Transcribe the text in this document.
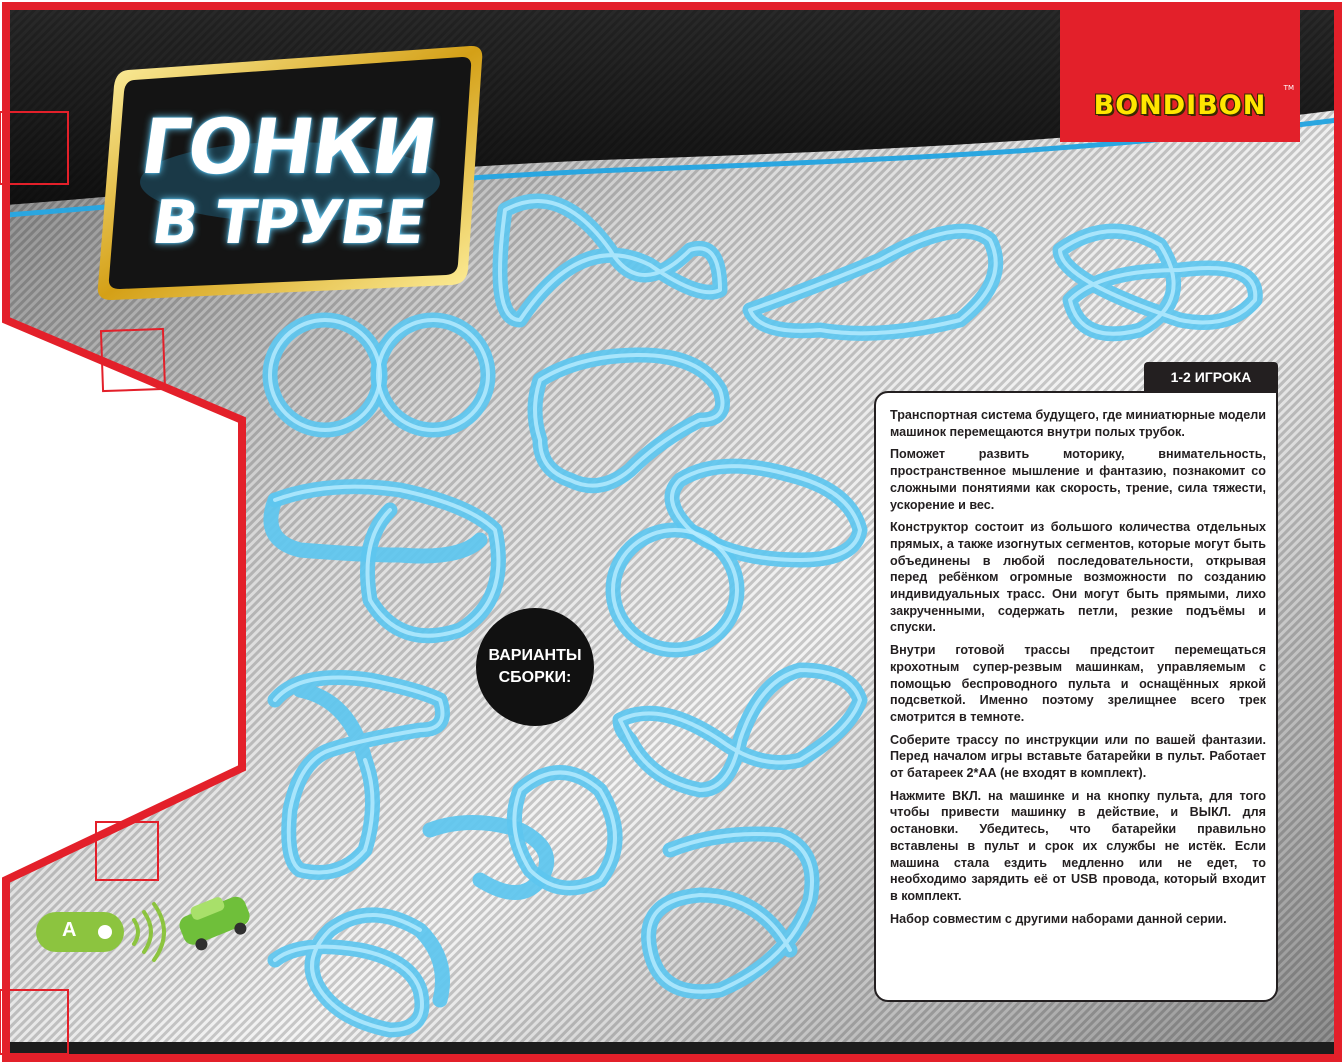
ГОНКИ
В ТРУБЕ
BONDIBON
TM
1-2 ИГРОКА

Транспортная система будущего, где миниатюрные модели машинок перемещаются внутри полых трубок.

Поможет развить моторику, внимательность, пространственное мышление и фантазию, познакомит со сложными понятиями как скорость, трение, сила тяжести, ускорение и вес.

Конструктор состоит из большого количества отдельных прямых, а также изогнутых сегментов, которые могут быть объединены в любой последовательности, открывая перед ребёнком огромные возможности по созданию индивидуальных трасс. Они могут быть прямыми, лихо закрученными, содержать петли, резкие подъёмы и спуски.

Внутри готовой трассы предстоит перемещаться крохотным супер-резвым машинкам, управляемым с помощью беспроводного пульта и оснащённых яркой подсветкой. Именно поэтому зрелищнее всего трек смотрится в темноте.

Соберите трассу по инструкции или по вашей фантазии. Перед началом игры вставьте батарейки в пульт. Работает от батареек 2*АА (не входят в комплект).

Нажмите ВКЛ. на машинке и на кнопку пульта, для того чтобы привести машинку в действие, и ВЫКЛ. для остановки. Убедитесь, что батарейки правильно вставлены в пульт и срок их службы не истёк. Если машина стала ездить медленно или не едет, то необходимо зарядить её от USB провода, который входит в комплект.

Набор совместим с другими наборами данной серии.

ВАРИАНТЫ
СБОРКИ:
A
